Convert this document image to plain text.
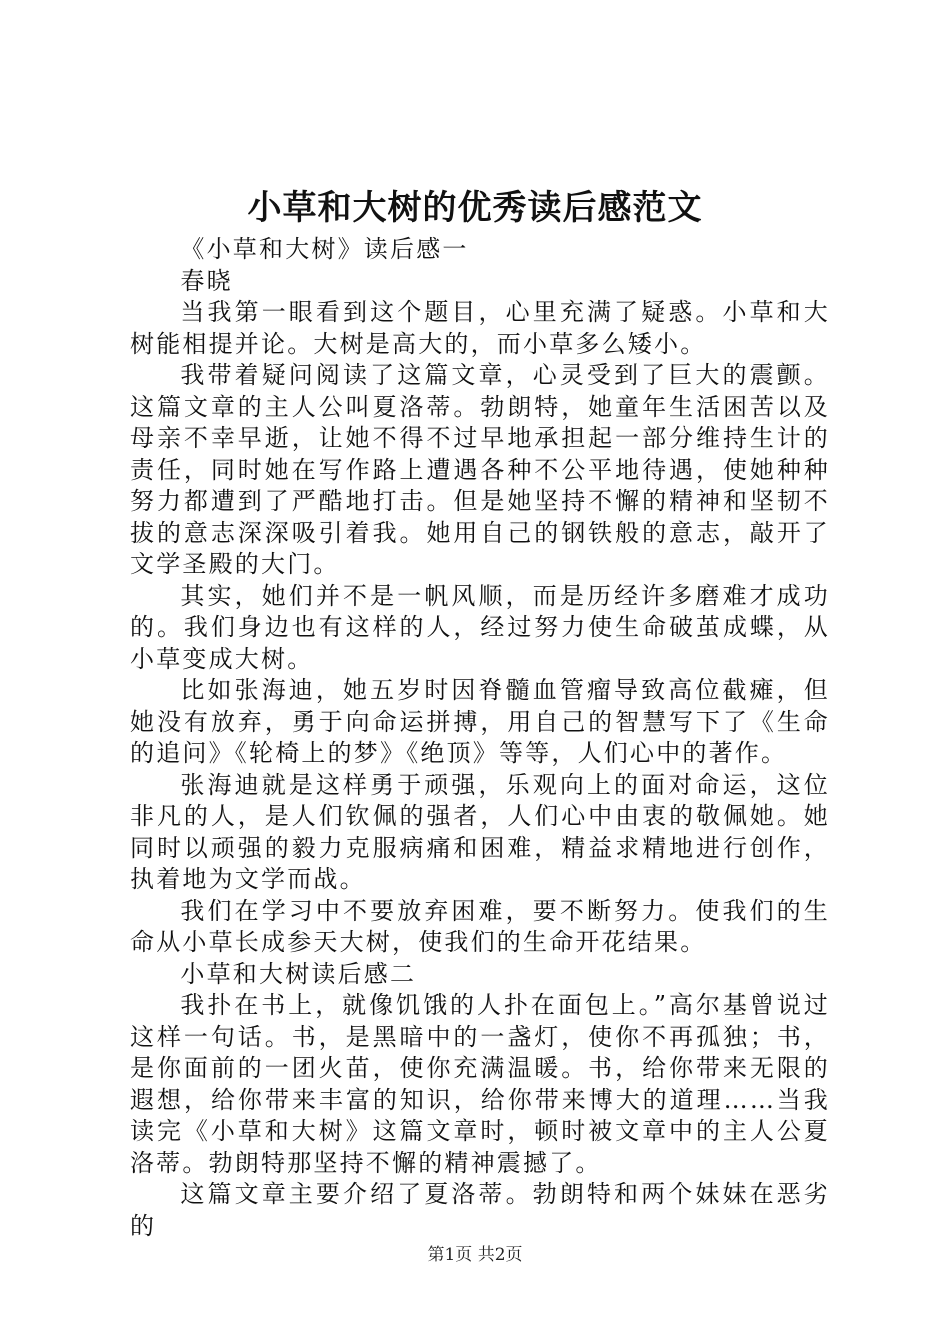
小草和大树的优秀读后感范文

《小草和大树》读后感一

春晓

当我第一眼看到这个题目，心里充满了疑惑。小草和大树能相提并论。大树是高大的，而小草多么矮小。

我带着疑问阅读了这篇文章，心灵受到了巨大的震颤。这篇文章的主人公叫夏洛蒂。勃朗特，她童年生活困苦以及母亲不幸早逝，让她不得不过早地承担起一部分维持生计的责任，同时她在写作路上遭遇各种不公平地待遇，使她种种努力都遭到了严酷地打击。但是她坚持不懈的精神和坚韧不拔的意志深深吸引着我。她用自己的钢铁般的意志，敲开了文学圣殿的大门。

其实，她们并不是一帆风顺，而是历经许多磨难才成功的。我们身边也有这样的人，经过努力使生命破茧成蝶，从小草变成大树。

比如张海迪，她五岁时因脊髓血管瘤导致高位截瘫，但她没有放弃，勇于向命运拼搏，用自己的智慧写下了《生命的追问》《轮椅上的梦》《绝顶》等等，人们心中的著作。

张海迪就是这样勇于顽强，乐观向上的面对命运，这位非凡的人，是人们钦佩的强者，人们心中由衷的敬佩她。她同时以顽强的毅力克服病痛和困难，精益求精地进行创作，执着地为文学而战。

我们在学习中不要放弃困难，要不断努力。使我们的生命从小草长成参天大树，使我们的生命开花结果。

小草和大树读后感二

我扑在书上，就像饥饿的人扑在面包上。”高尔基曾说过这样一句话。书，是黑暗中的一盏灯，使你不再孤独；书，是你面前的一团火苗，使你充满温暖。书，给你带来无限的遐想，给你带来丰富的知识，给你带来博大的道理……当我读完《小草和大树》这篇文章时，顿时被文章中的主人公夏洛蒂。勃朗特那坚持不懈的精神震撼了。

这篇文章主要介绍了夏洛蒂。勃朗特和两个妹妹在恶劣的

第1页 共2页
